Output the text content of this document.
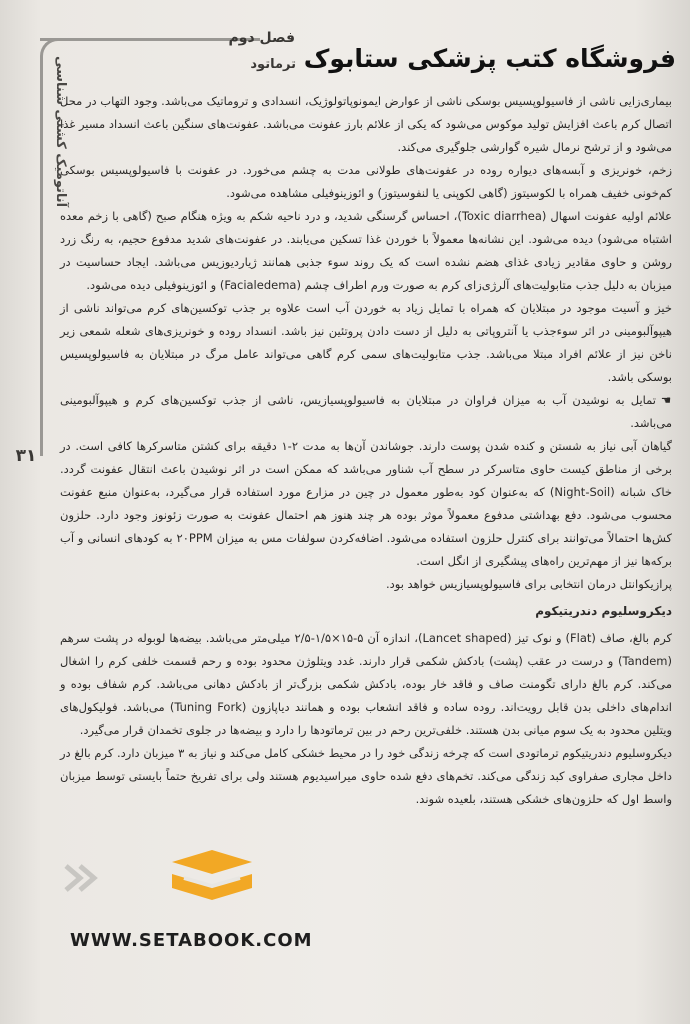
آناتومیک کشتی شناسی
۳۱
فصل دوم
ترماتود فروشگاه کتب پزشکی ستابوک

بیماری‌زایی ناشی از فاسیولوپسیس بوسکی ناشی از عوارض ایمونوپاتولوژیک، انسدادی و تروماتیک می‌باشد. وجود التهاب در محل اتصال کرم باعث افزایش تولید موکوس می‌شود که یکی از علائم بارز عفونت می‌باشد. عفونت‌های سنگین باعث انسداد مسیر غذا می‌شود و از ترشح نرمال شیره گوارشی جلوگیری می‌کند.

زخم، خونریزی و آبسه‌های دیواره روده در عفونت‌های طولانی مدت به چشم می‌خورد. در عفونت با فاسیولوپسیس بوسکی کم‌خونی خفیف همراه با لکوسیتوز (گاهی لکوپنی یا لنفوسیتوز) و ائوزینوفیلی مشاهده می‌شود.

علائم اولیه عفونت اسهال (Toxic diarrhea)، احساس گرسنگی شدید، و درد ناحیه شکم به ویژه هنگام صبح (گاهی با زخم معده اشتباه می‌شود) دیده می‌شود. این نشانه‌ها معمولاً با خوردن غذا تسکین می‌یابند. در عفونت‌های شدید مدفوع حجیم، به رنگ زرد روشن و حاوی مقادیر زیادی غذای هضم نشده است که یک روند سوء جذبی همانند ژیاردیوزیس می‌باشد. ایجاد حساسیت در میزبان به دلیل جذب متابولیت‌های آلرژی‌زای کرم به صورت ورم اطراف چشم (Facialedema) و ائوزینوفیلی دیده می‌شود.

خیز و آسیت موجود در مبتلایان که همراه با تمایل زیاد به خوردن آب است علاوه بر جذب توکسین‌های کرم می‌تواند ناشی از هیپوآلبومینی در اثر سوءجذب یا آنتروپاتی به دلیل از دست دادن پروتئین نیز باشد. انسداد روده و خونریزی‌های شعله شمعی زیر ناخن نیز از علائم افراد مبتلا می‌باشد. جذب متابولیت‌های سمی کرم گاهی می‌تواند عامل مرگ در مبتلایان به فاسیولوپسیس بوسکی باشد.

☚تمایل به نوشیدن آب به میزان فراوان در مبتلایان به فاسیولوپسیازیس، ناشی از جذب توکسین‌های کرم و هیپوآلبومینی می‌باشد.

گیاهان آبی نیاز به شستن و کنده شدن پوست دارند. جوشاندن آن‌ها به مدت ۲-۱ دقیقه برای کشتن متاسرکرها کافی است. در برخی از مناطق کیست حاوی متاسرکر در سطح آب شناور می‌باشد که ممکن است در اثر نوشیدن باعث انتقال عفونت گردد. خاک شبانه (Night-Soil) که به‌عنوان کود به‌طور معمول در چین در مزارع مورد استفاده قرار می‌گیرد، به‌عنوان منبع عفونت محسوب می‌شود. دفع بهداشتی مدفوع معمولاً موثر بوده هر چند هنوز هم احتمال عفونت به صورت زئونوز وجود دارد. حلزون کش‌ها احتمالاً می‌توانند برای کنترل حلزون استفاده می‌شود. اضافه‌کردن سولفات مس به میزان ۲۰PPM به کودهای انسانی و آب برکه‌ها نیز از مهم‌ترین راه‌های پیشگیری از انگل است.

پرازیکوانتل درمان انتخابی برای فاسیولوپسیازیس خواهد بود.

دیکروسلیوم دندریتیکوم

کرم بالغ، صاف (Flat) و نوک تیز (Lancet shaped)، اندازه آن ۵-۱۵×۱/۵-۲/۵ میلی‌متر می‌باشد. بیضه‌ها لوبوله در پشت سرهم (Tandem) و درست در عقب (پشت) بادکش شکمی قرار دارند. غدد ویتلوژن محدود بوده و رحم قسمت خلفی کرم را اشغال می‌کند. کرم بالغ دارای تگومنت صاف و فاقد خار بوده، بادکش شکمی بزرگ‌تر از بادکش دهانی می‌باشد. کرم شفاف بوده و اندام‌های داخلی بدن قابل رویت‌اند. روده ساده و فاقد انشعاب بوده و همانند دیاپازون (Tuning Fork) می‌باشد. فولیکول‌های ویتلین محدود به یک سوم میانی بدن هستند. خلفی‌ترین رحم در بین ترماتودها را دارد و بیضه‌ها در جلوی تخمدان قرار می‌گیرد.

دیکروسلیوم دندریتیکوم ترماتودی است که چرخه زندگی خود را در محیط خشکی کامل می‌کند و نیاز به ۳ میزبان دارد. کرم بالغ در داخل مجاری صفراوی کبد زندگی می‌کند. تخم‌های دفع شده حاوی میراسیدیوم هستند ولی برای تفریخ حتماً بایستی توسط میزبان واسط اول که حلزون‌های خشکی هستند، بلعیده شوند.

WWW.SETABOOK.COM
